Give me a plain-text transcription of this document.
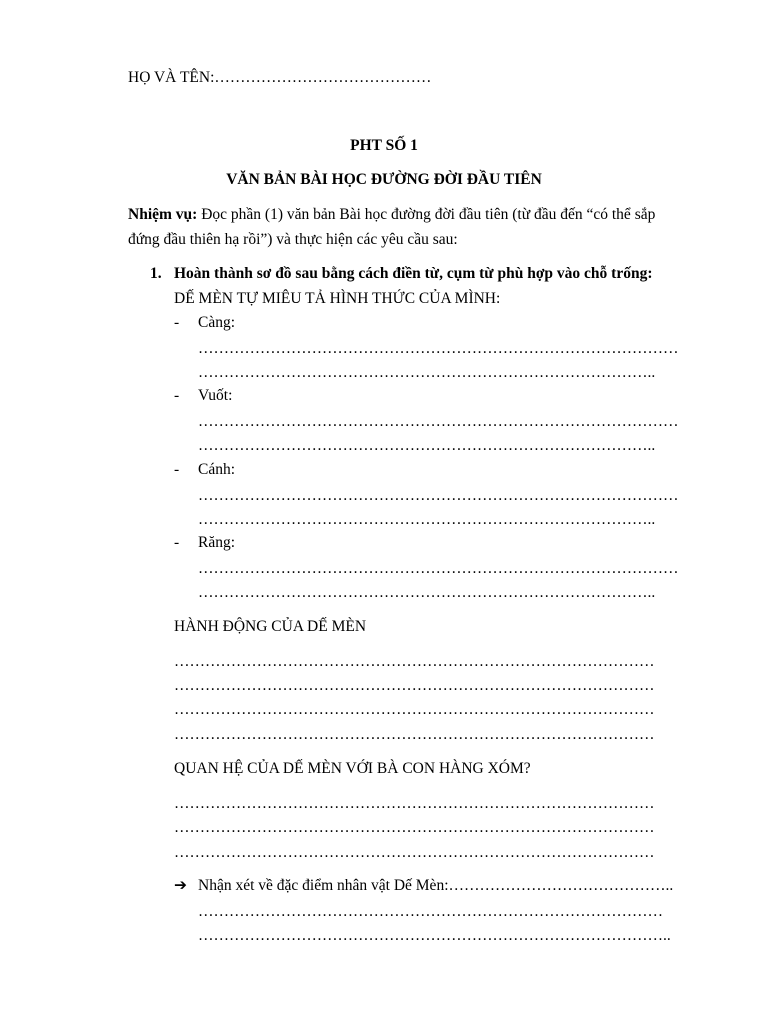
HỌ VÀ TÊN:……………………………………
PHT SỐ 1
VĂN BẢN BÀI HỌC ĐƯỜNG ĐỜI ĐẦU TIÊN
Nhiệm vụ: Đọc phần (1) văn bản Bài học đường đời đầu tiên (từ đầu đến “có thể sắp
đứng đầu thiên hạ rồi”) và thực hiện các yêu cầu sau:
1. Hoàn thành sơ đồ sau bằng cách điền từ, cụm từ phù hợp vào chỗ trống:
DẾ MÈN TỰ MIÊU TẢ HÌNH THỨC CỦA MÌNH:
- Càng:
…………………………………………………………………………………
……………………………………………………………………………..
- Vuốt:
…………………………………………………………………………………
……………………………………………………………………………..
- Cánh:
…………………………………………………………………………………
……………………………………………………………………………..
- Răng:
…………………………………………………………………………………
……………………………………………………………………………..
HÀNH ĐỘNG CỦA DẾ MÈN
…………………………………………………………………………………
…………………………………………………………………………………
…………………………………………………………………………………
…………………………………………………………………………………
QUAN HỆ CỦA DẾ MÈN VỚI BÀ CON HÀNG XÓM?
…………………………………………………………………………………
…………………………………………………………………………………
…………………………………………………………………………………
➔ Nhận xét về đặc điểm nhân vật Dế Mèn:……………………………………..
………………………………………………………………………………
………………………………………………………………………………..
